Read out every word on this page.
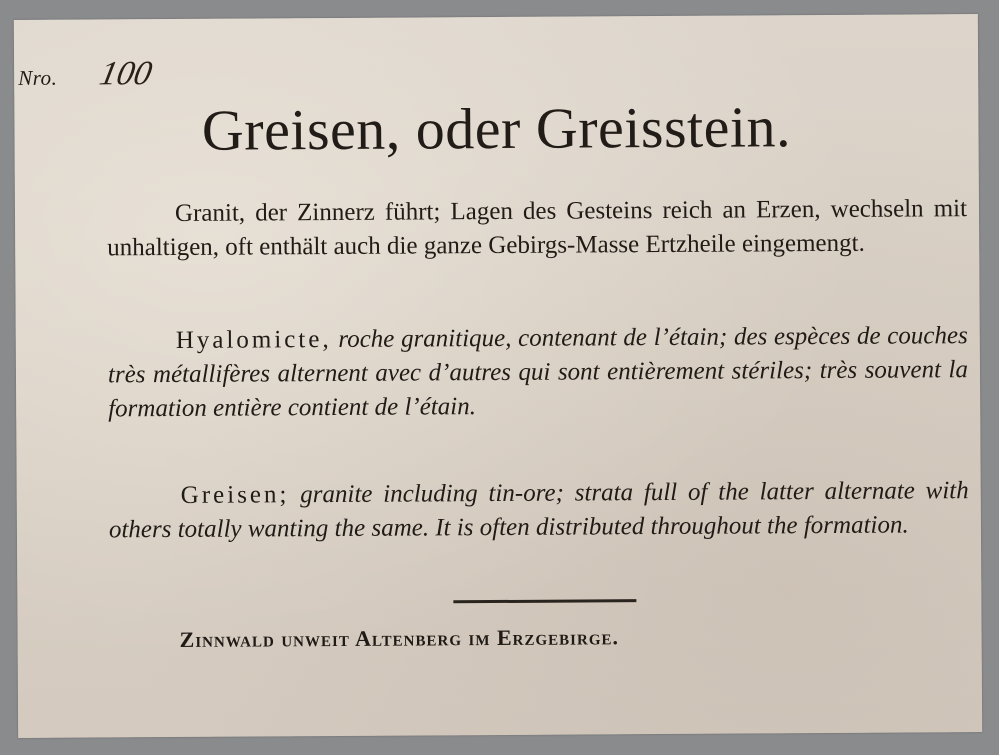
Nro. 100
Greisen, oder Greisstein.
Granit, der Zinnerz führt; Lagen des Gesteins reich an Erzen, wechseln mit unhaltigen, oft enthält auch die ganze Gebirgs-Masse Ertzheile eingemengt.
Hyalomicte, roche granitique, contenant de l’étain; des espèces de couches très métallifères alternent avec d’autres qui sont entièrement stériles; très souvent la formation entière contient de l’étain.
Greisen; granite including tin-ore; strata full of the latter alternate with others totally wanting the same. It is often distributed throughout the formation.
Zinnwald unweit Altenberg im Erzgebirge.
